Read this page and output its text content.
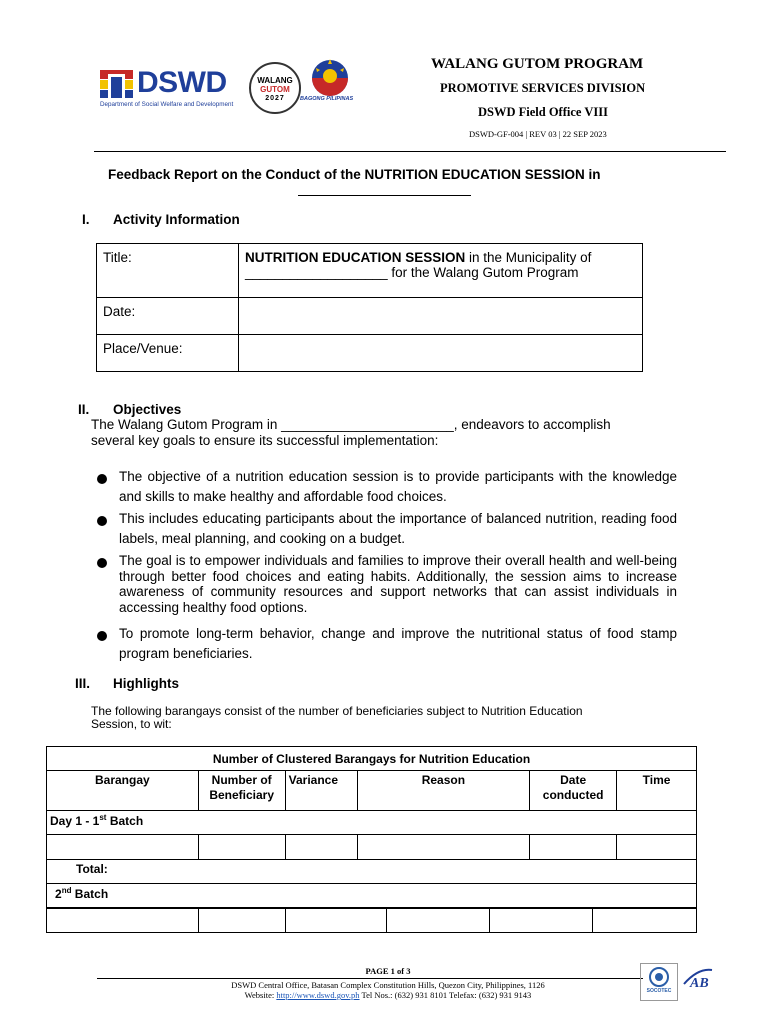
DSWD
Department of Social Welfare and Development
WALANG
GUTOM
2027	BAGONG PILIPINAS
WALANG GUTOM PROGRAM
PROMOTIVE SERVICES DIVISION
DSWD Field Office VIII
DSWD-GF-004 | REV 03 | 22 SEP 2023
Feedback Report on the Conduct of the NUTRITION EDUCATION SESSION in
I. Activity Information
Title:	NUTRITION EDUCATION SESSION in the Municipality of
___________________ for the Walang Gutom Program
Date:	
Place/Venue:	
II. Objectives
The Walang Gutom Program in _______________________, endeavors to accomplish
several key goals to ensure its successful implementation:
The objective of a nutrition education session is to provide participants with the knowledge and skills to make healthy and affordable food choices.
This includes educating participants about the importance of balanced nutrition, reading food labels, meal planning, and cooking on a budget.
The goal is to empower individuals and families to improve their overall health and well-being through better food choices and eating habits. Additionally, the session aims to increase awareness of community resources and support networks that can assist individuals in accessing healthy food options.
To promote long-term behavior, change and improve the nutritional status of food stamp program beneficiaries.
III. Highlights
The following barangays consist of the number of beneficiaries subject to Nutrition Education
Session, to wit:
Number of Clustered Barangays for Nutrition Education					
Barangay	Number of Beneficiary	Variance	Reason	Date conducted	Time
Day 1 - 1st Batch					

Total:					
2nd Batch					

PAGE 1 of 3
DSWD Central Office, Batasan Complex Constitution Hills, Quezon City, Philippines, 1126
Website: http://www.dswd.gov.ph Tel Nos.: (632) 931 8101 Telefax: (632) 931 9143	SOCOTEC	AB
